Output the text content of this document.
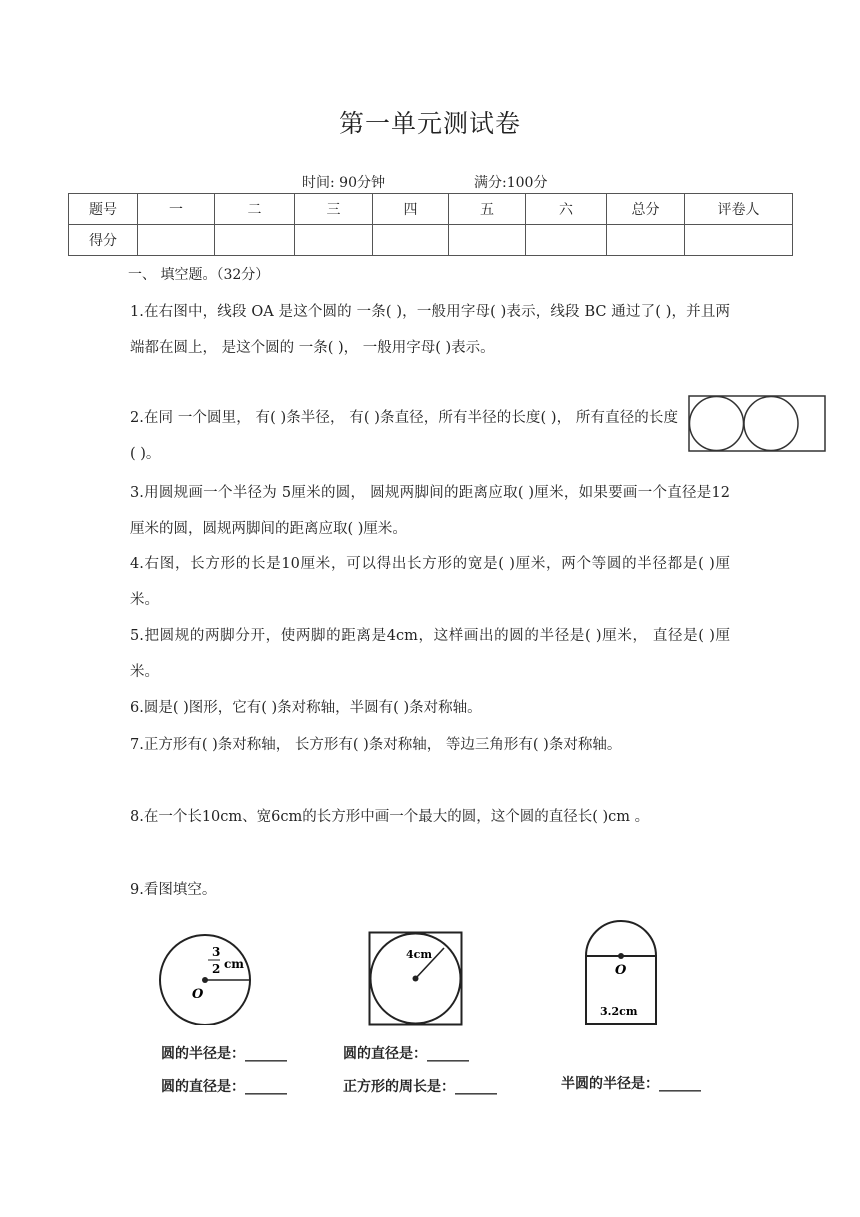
第一单元测试卷
时间: 90分钟	满分:100分
题号	一	二	三	四	五	六	总分	评卷人
得分								
一、 填空题。（32分）
1.在右图中，线段 OA 是这个圆的 一条( )，一般用字母( )表示，线段 BC 通过了( )，并且两端都在圆上， 是这个圆的 一条( )， 一般用字母( )表示。
2.在同 一个圆里， 有( )条半径， 有( )条直径，所有半径的长度( )， 所有直径的长度( )。
3.用圆规画一个半径为 5厘米的圆， 圆规两脚间的距离应取( )厘米，如果要画一个直径是12厘米的圆，圆规两脚间的距离应取( )厘米。
4.右图，长方形的长是10厘米，可以得出长方形的宽是( )厘米，两个等圆的半径都是( )厘米。
5.把圆规的两脚分开，使两脚的距离是4cm，这样画出的圆的半径是( )厘米， 直径是( )厘米。
6.圆是( )图形，它有( )条对称轴，半圆有( )条对称轴。
7.正方形有( )条对称轴， 长方形有( )条对称轴， 等边三角形有( )条对称轴。
8.在一个长10cm、宽6cm的长方形中画一个最大的圆，这个圆的直径长( )cm 。
9.看图填空。
3
2 cm
O
圆的半径是：______
圆的直径是：______
4cm
圆的直径是：______
正方形的周长是：______
O
3.2cm
半圆的半径是：______
